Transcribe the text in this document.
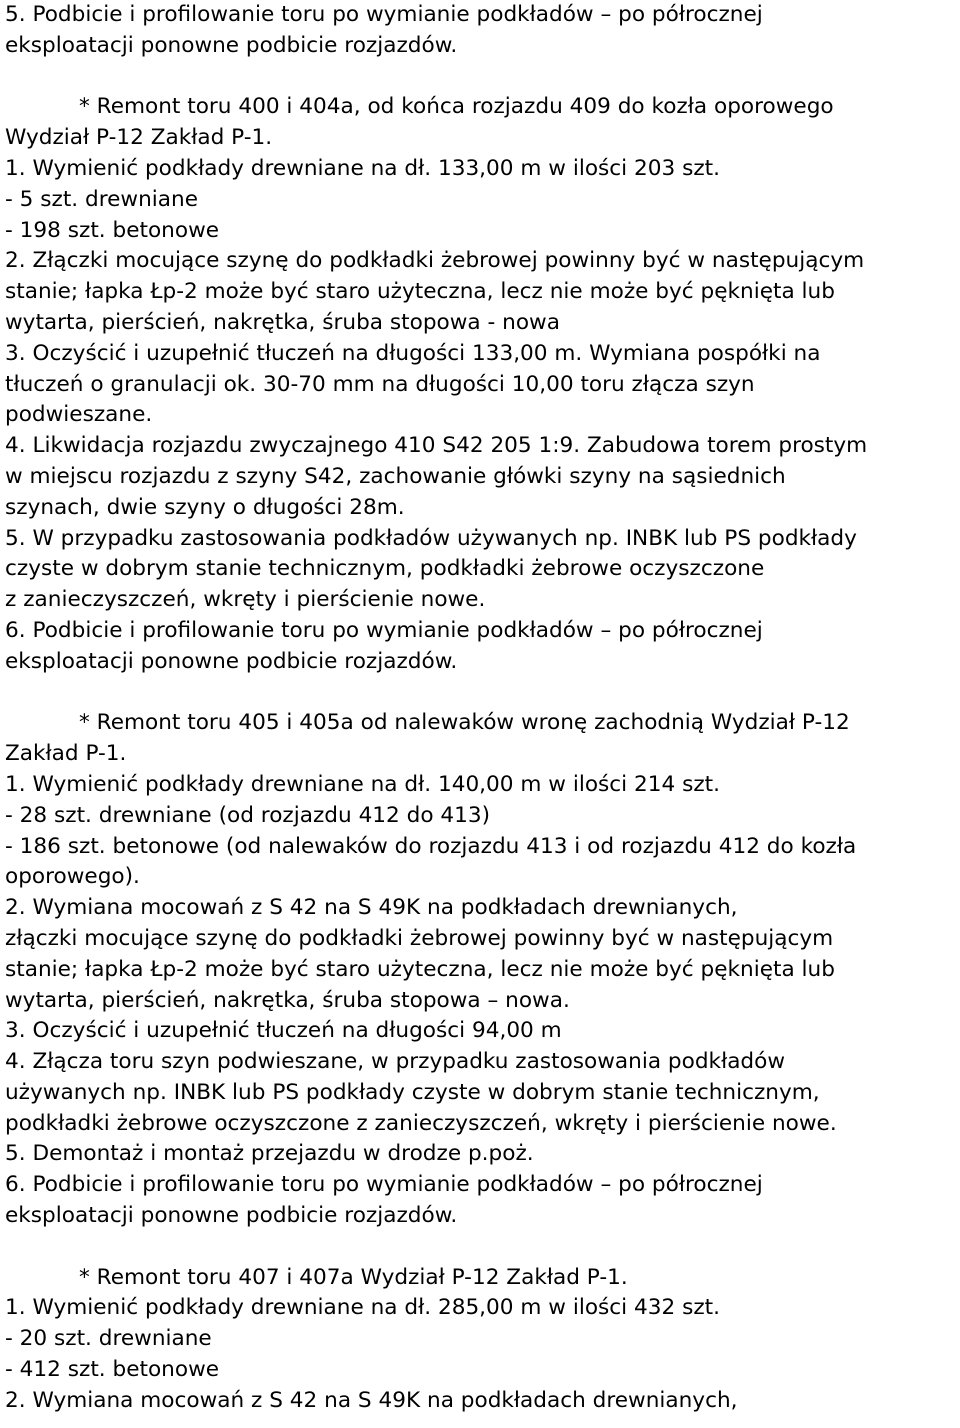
5. Podbicie i profilowanie toru po wymianie podkładów – po półrocznej
eksploatacji ponowne podbicie rozjazdów.
* Remont toru 400 i 404a, od końca rozjazdu 409 do kozła oporowego
Wydział P-12 Zakład P-1.
1. Wymienić podkłady drewniane na dł. 133,00 m w ilości 203 szt.
- 5 szt. drewniane
- 198 szt. betonowe
2. Złączki mocujące szynę do podkładki żebrowej powinny być w następującym
stanie; łapka Łp-2 może być staro użyteczna, lecz nie może być pęknięta lub
wytarta, pierścień, nakrętka, śruba stopowa - nowa
3. Oczyścić i uzupełnić tłuczeń na długości 133,00 m. Wymiana pospółki na
tłuczeń o granulacji ok. 30-70 mm na długości 10,00 toru złącza szyn
podwieszane.
4. Likwidacja rozjazdu zwyczajnego 410 S42 205 1:9. Zabudowa torem prostym
w miejscu rozjazdu z szyny S42, zachowanie główki szyny na sąsiednich
szynach, dwie szyny o długości 28m.
5. W przypadku zastosowania podkładów używanych np. INBK lub PS podkłady
czyste w dobrym stanie technicznym, podkładki żebrowe oczyszczone
z zanieczyszczeń, wkręty i pierścienie nowe.
6. Podbicie i profilowanie toru po wymianie podkładów – po półrocznej
eksploatacji ponowne podbicie rozjazdów.
* Remont toru 405 i 405a od nalewaków wronę zachodnią Wydział P-12
Zakład P-1.
1. Wymienić podkłady drewniane na dł. 140,00 m w ilości 214 szt.
- 28 szt. drewniane (od rozjazdu 412 do 413)
- 186 szt. betonowe (od nalewaków do rozjazdu 413 i od rozjazdu 412 do kozła
oporowego).
2. Wymiana mocowań z S 42 na S 49K na podkładach drewnianych,
złączki mocujące szynę do podkładki żebrowej powinny być w następującym
stanie; łapka Łp-2 może być staro użyteczna, lecz nie może być pęknięta lub
wytarta, pierścień, nakrętka, śruba stopowa – nowa.
3. Oczyścić i uzupełnić tłuczeń na długości 94,00 m
4. Złącza toru szyn podwieszane, w przypadku zastosowania podkładów
używanych np. INBK lub PS podkłady czyste w dobrym stanie technicznym,
podkładki żebrowe oczyszczone z zanieczyszczeń, wkręty i pierścienie nowe.
5. Demontaż i montaż przejazdu w drodze p.poż.
6. Podbicie i profilowanie toru po wymianie podkładów – po półrocznej
eksploatacji ponowne podbicie rozjazdów.
* Remont toru 407 i 407a Wydział P-12 Zakład P-1.
1. Wymienić podkłady drewniane na dł. 285,00 m w ilości 432 szt.
- 20 szt. drewniane
- 412 szt. betonowe
2. Wymiana mocowań z S 42 na S 49K na podkładach drewnianych,
